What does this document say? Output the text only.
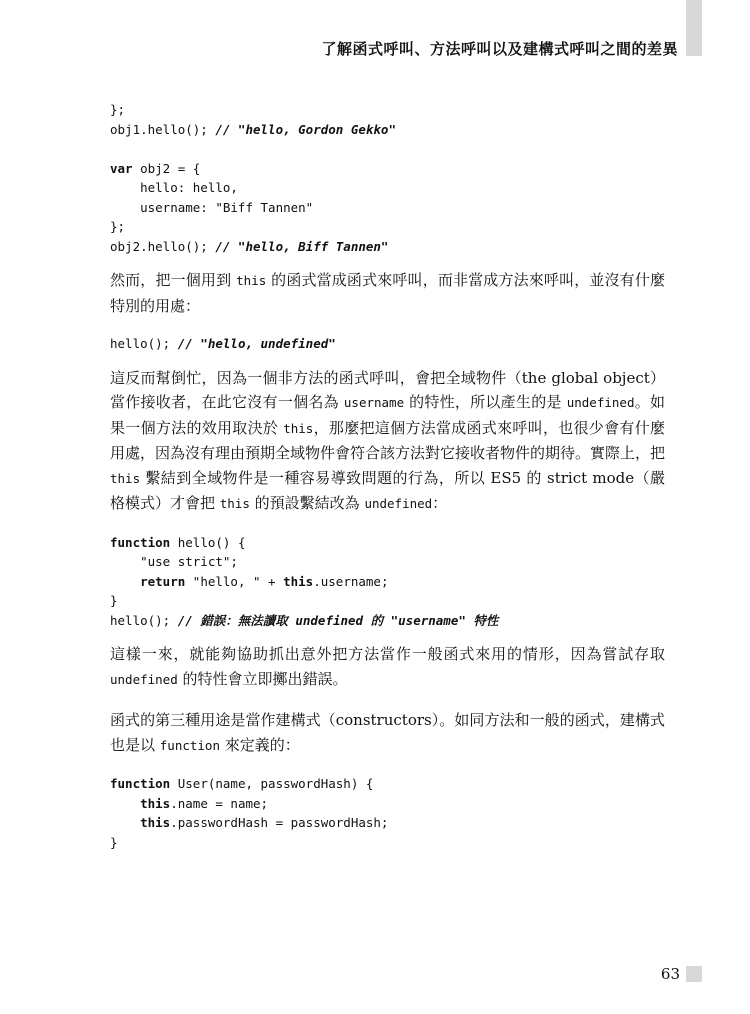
了解函式呼叫、方法呼叫以及建構式呼叫之間的差異
};
obj1.hello(); // "hello, Gordon Gekko"

var obj2 = {
hello: hello,
username: "Biff Tannen"
};
obj2.hello(); // "hello, Biff Tannen"

然而，把一個用到 this 的函式當成函式來呼叫，而非當成方法來呼叫，並沒有什麼特別的用處：

hello(); // "hello, undefined"

這反而幫倒忙，因為一個非方法的函式呼叫，會把全域物件（the global object）當作接收者，在此它沒有一個名為 username 的特性，所以產生的是 undefined。如果一個方法的效用取決於 this，那麼把這個方法當成函式來呼叫，也很少會有什麼用處，因為沒有理由預期全域物件會符合該方法對它接收者物件的期待。實際上，把 this 繫結到全域物件是一種容易導致問題的行為，所以 ES5 的 strict mode（嚴格模式）才會把 this 的預設繫結改為 undefined：

function hello() {
"use strict";
return "hello, " + this.username;
}
hello(); // 錯誤：無法讀取 undefined 的 "username" 特性

這樣一來，就能夠協助抓出意外把方法當作一般函式來用的情形，因為嘗試存取 undefined 的特性會立即擲出錯誤。

函式的第三種用途是當作建構式（constructors）。如同方法和一般的函式，建構式也是以 function 來定義的：

function User(name, passwordHash) {
this.name = name;
this.passwordHash = passwordHash;
}
63
